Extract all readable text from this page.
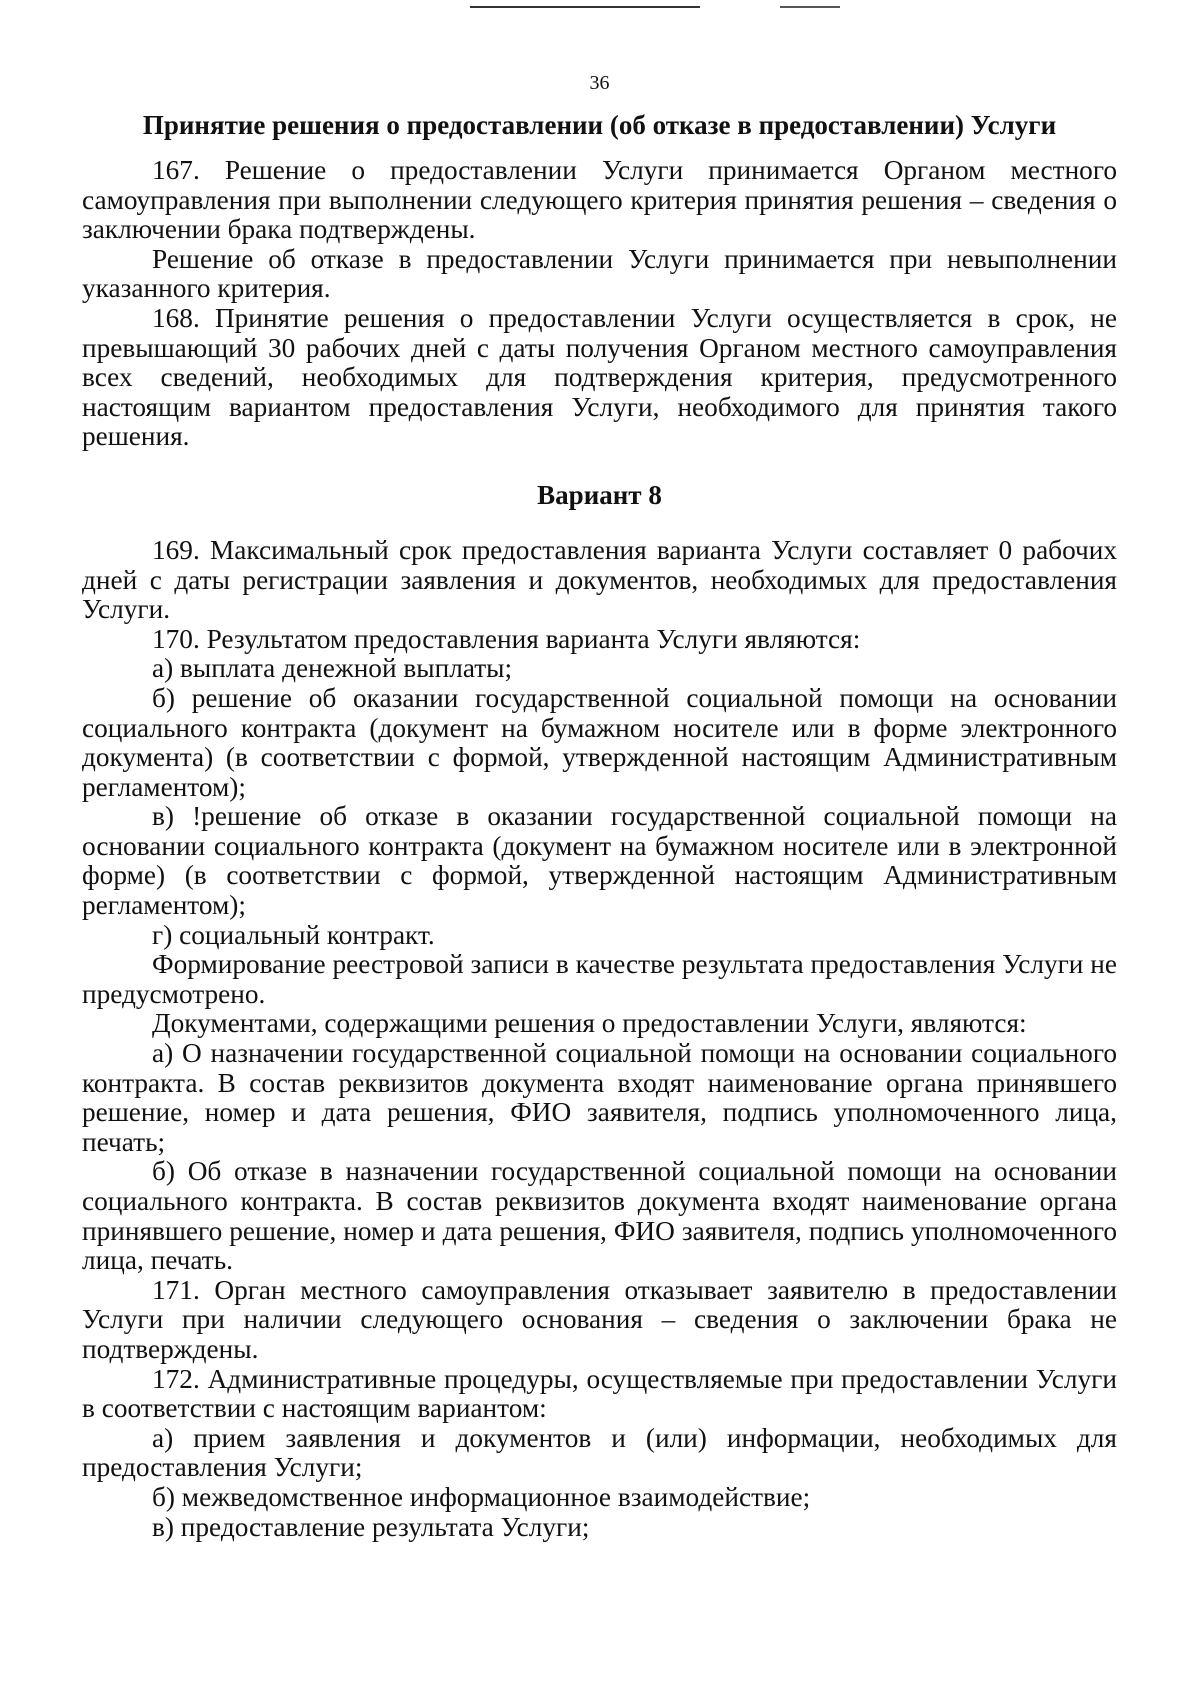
36
Принятие решения о предоставлении (об отказе в предоставлении) Услуги

167. Решение о предоставлении Услуги принимается Органом местного самоуправления при выполнении следующего критерия принятия решения – сведения о заключении брака подтверждены.

Решение об отказе в предоставлении Услуги принимается при невыполнении указанного критерия.

168. Принятие решения о предоставлении Услуги осуществляется в срок, не превышающий 30 рабочих дней с даты получения Органом местного самоуправления всех сведений, необходимых для подтверждения критерия, предусмотренного настоящим вариантом предоставления Услуги, необходимого для принятия такого решения.

Вариант 8

169. Максимальный срок предоставления варианта Услуги составляет 0 рабочих дней с даты регистрации заявления и документов, необходимых для предоставления Услуги.

170. Результатом предоставления варианта Услуги являются:

а) выплата денежной выплаты;

б) решение об оказании государственной социальной помощи на основании социального контракта (документ на бумажном носителе или в форме электронного документа) (в соответствии с формой, утвержденной настоящим Административным регламентом);

в) !решение об отказе в оказании государственной социальной помощи на основании социального контракта (документ на бумажном носителе или в электронной форме) (в соответствии с формой, утвержденной настоящим Административным регламентом);

г) социальный контракт.

Формирование реестровой записи в качестве результата предоставления Услуги не предусмотрено.

Документами, содержащими решения о предоставлении Услуги, являются:

а) О назначении государственной социальной помощи на основании социального контракта. В состав реквизитов документа входят наименование органа принявшего решение, номер и дата решения, ФИО заявителя, подпись уполномоченного лица, печать;

б) Об отказе в назначении государственной социальной помощи на основании социального контракта. В состав реквизитов документа входят наименование органа принявшего решение, номер и дата решения, ФИО заявителя, подпись уполномоченного лица, печать.

171. Орган местного самоуправления отказывает заявителю в предоставлении Услуги при наличии следующего основания – сведения о заключении брака не подтверждены.

172. Административные процедуры, осуществляемые при предоставлении Услуги в соответствии с настоящим вариантом:

а) прием заявления и документов и (или) информации, необходимых для предоставления Услуги;

б) межведомственное информационное взаимодействие;

в) предоставление результата Услуги;
